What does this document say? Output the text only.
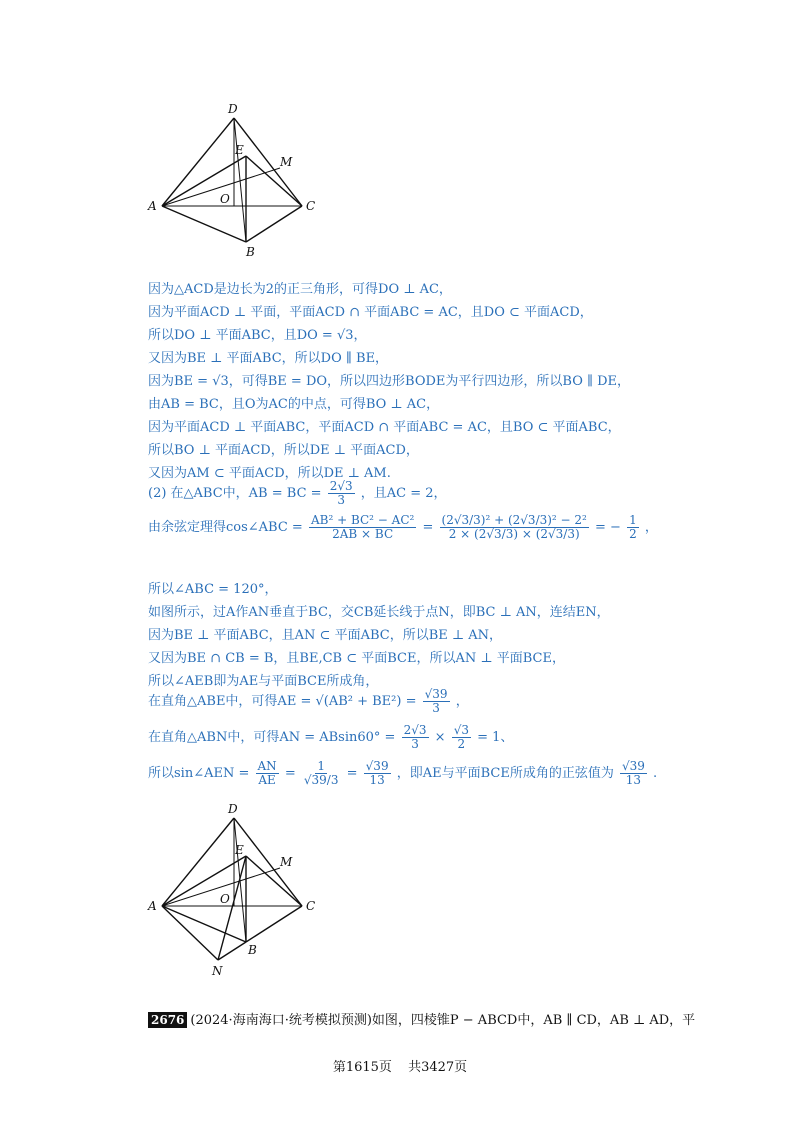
D
E
M
A	O	C
B
因为△ACD是边长为2的正三角形，可得DO ⊥ AC，
因为平面ACD ⊥ 平面，平面ACD ∩ 平面ABC = AC，且DO ⊂ 平面ACD，
所以DO ⊥ 平面ABC，且DO = √3，
又因为BE ⊥ 平面ABC，所以DO ∥ BE，
因为BE = √3，可得BE = DO，所以四边形BODE为平行四边形，所以BO ∥ DE，
由AB = BC，且O为AC的中点，可得BO ⊥ AC，
因为平面ACD ⊥ 平面ABC，平面ACD ∩ 平面ABC = AC，且BO ⊂ 平面ABC，
所以BO ⊥ 平面ACD，所以DE ⊥ 平面ACD，
又因为AM ⊂ 平面ACD，所以DE ⊥ AM.
(2) 在△ABC中，AB = BC = $\frac{2√3}{3}$ ，且AC = 2，
由余弦定理得cos∠ABC = $\frac{\text{AB² + BC² − AC²}}{2AB \times BC} = \frac{\text{(2√3/3)² + (2√3/3)² − 2²}}{2 \times (2√3/3) \times (2√3/3)}$ = − $\frac{1}{2}$ ，
所以∠ABC = 120°，
如图所示，过A作AN垂直于BC，交CB延长线于点N，即BC ⊥ AN，连结EN，
因为BE ⊥ 平面ABC，且AN ⊂ 平面ABC，所以BE ⊥ AN，
又因为BE ∩ CB = B，且BE,CB ⊂ 平面BCE，所以AN ⊥ 平面BCE，
所以∠AEB即为AE与平面BCE所成角，
在直角△ABE中，可得AE = $√(AB^2 + BE^2) = \frac{√39}{3}$ ，
在直角△ABN中，可得AN = $ABsin60^\circ = \frac{2√3}{3} \times \frac{√3}{2} = 1$、
所以sin∠AEN = $\frac{AN}{AE} = \frac{1}{√39/3} = \frac{√39}{13}$ ，即AE与平面BCE所成角的正弦值为 $\frac{√39}{13}$ .
D
E
M
A	O	C
B
N
2676 (2024·海南海口·统考模拟预测)如图，四棱锥P − ABCD中，AB ∥ CD，AB ⊥ AD，平
第1615页 共3427页
